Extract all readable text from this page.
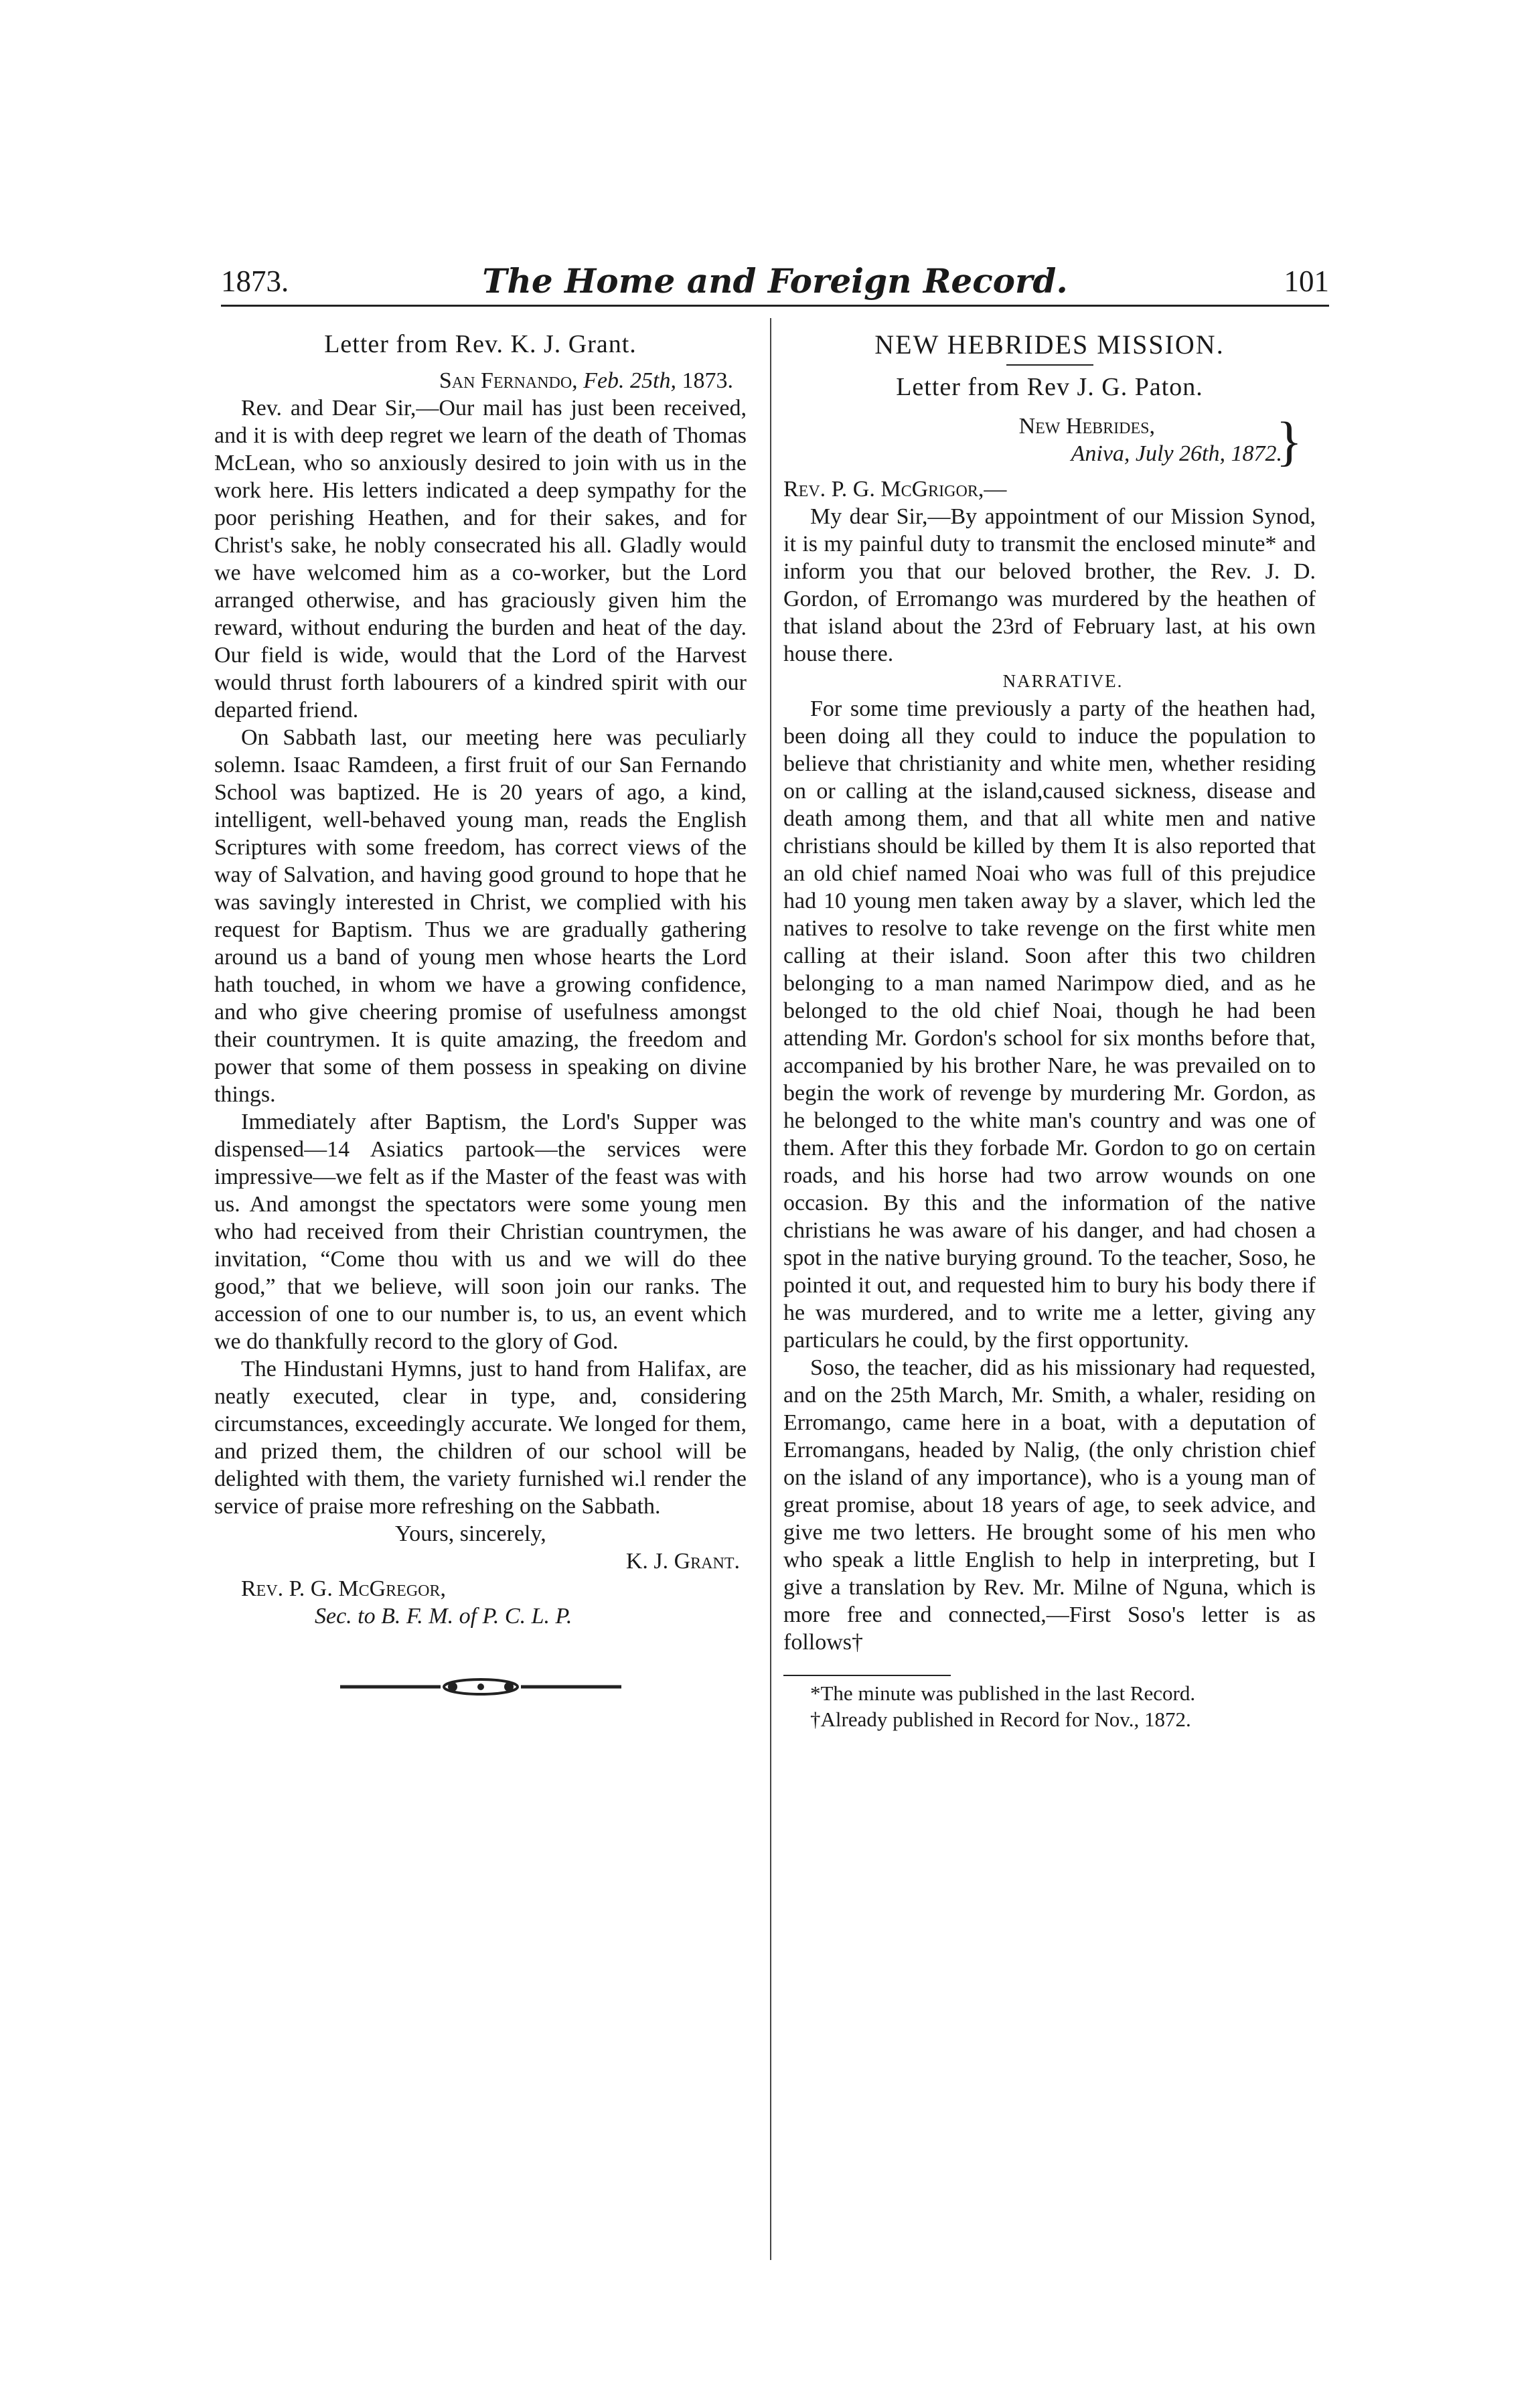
1873.	The Home and Foreign Record.	101
Letter from Rev. K. J. Grant.

San Fernando, Feb. 25th, 1873.

Rev. and Dear Sir,—Our mail has just been received, and it is with deep regret we learn of the death of Thomas McLean, who so anxiously desired to join with us in the work here. His letters indicated a deep sympathy for the poor perishing Heathen, and for their sakes, and for Christ's sake, he nobly consecrated his all. Gladly would we have welcomed him as a co-worker, but the Lord arranged otherwise, and has graciously given him the reward, without enduring the burden and heat of the day. Our field is wide, would that the Lord of the Harvest would thrust forth labourers of a kindred spirit with our departed friend.

On Sabbath last, our meeting here was peculiarly solemn. Isaac Ramdeen, a first fruit of our San Fernando School was baptized. He is 20 years of ago, a kind, intelligent, well-behaved young man, reads the English Scriptures with some freedom, has correct views of the way of Salvation, and having good ground to hope that he was savingly interested in Christ, we complied with his request for Baptism. Thus we are gradually gathering around us a band of young men whose hearts the Lord hath touched, in whom we have a growing confidence, and who give cheering promise of usefulness amongst their countrymen. It is quite amazing, the freedom and power that some of them possess in speaking on divine things.

Immediately after Baptism, the Lord's Supper was dispensed—14 Asiatics partook—the services were impressive—we felt as if the Master of the feast was with us. And amongst the spectators were some young men who had received from their Christian countrymen, the invitation, “Come thou with us and we will do thee good,” that we believe, will soon join our ranks. The accession of one to our number is, to us, an event which we do thankfully record to the glory of God.

The Hindustani Hymns, just to hand from Halifax, are neatly executed, clear in type, and, considering circumstances, exceedingly accurate. We longed for them, and prized them, the children of our school will be delighted with them, the variety furnished wi.l render the service of praise more refreshing on the Sabbath.

Yours, sincerely,

K. J. Grant.

Rev. P. G. McGregor,

Sec. to B. F. M. of P. C. L. P.

NEW HEBRIDES MISSION.
Letter from Rev J. G. Paton.
New Hebrides,
Aniva, July 26th, 1872.
}

Rev. P. G. McGrigor,—

My dear Sir,—By appointment of our Mission Synod, it is my painful duty to transmit the enclosed minute* and inform you that our beloved brother, the Rev. J. D. Gordon, of Erromango was murdered by the heathen of that island about the 23rd of February last, at his own house there.

NARRATIVE.

For some time previously a party of the heathen had, been doing all they could to induce the population to believe that christianity and white men, whether residing on or calling at the island,caused sickness, disease and death among them, and that all white men and native christians should be killed by them It is also reported that an old chief named Noai who was full of this prejudice had 10 young men taken away by a slaver, which led the natives to resolve to take revenge on the first white men calling at their island. Soon after this two children belonging to a man named Narimpow died, and as he belonged to the old chief Noai, though he had been attending Mr. Gordon's school for six months before that, accompanied by his brother Nare, he was prevailed on to begin the work of revenge by murdering Mr. Gordon, as he belonged to the white man's country and was one of them. After this they forbade Mr. Gordon to go on certain roads, and his horse had two arrow wounds on one occasion. By this and the information of the native christians he was aware of his danger, and had chosen a spot in the native burying ground. To the teacher, Soso, he pointed it out, and requested him to bury his body there if he was murdered, and to write me a letter, giving any particulars he could, by the first opportunity.

Soso, the teacher, did as his missionary had requested, and on the 25th March, Mr. Smith, a whaler, residing on Erromango, came here in a boat, with a deputation of Erromangans, headed by Nalig, (the only christion chief on the island of any importance), who is a young man of great promise, about 18 years of age, to seek advice, and give me two letters. He brought some of his men who who speak a little English to help in interpreting, but I give a translation by Rev. Mr. Milne of Nguna, which is more free and connected,—First Soso's letter is as follows†

*The minute was published in the last Record.

†Already published in Record for Nov., 1872.
